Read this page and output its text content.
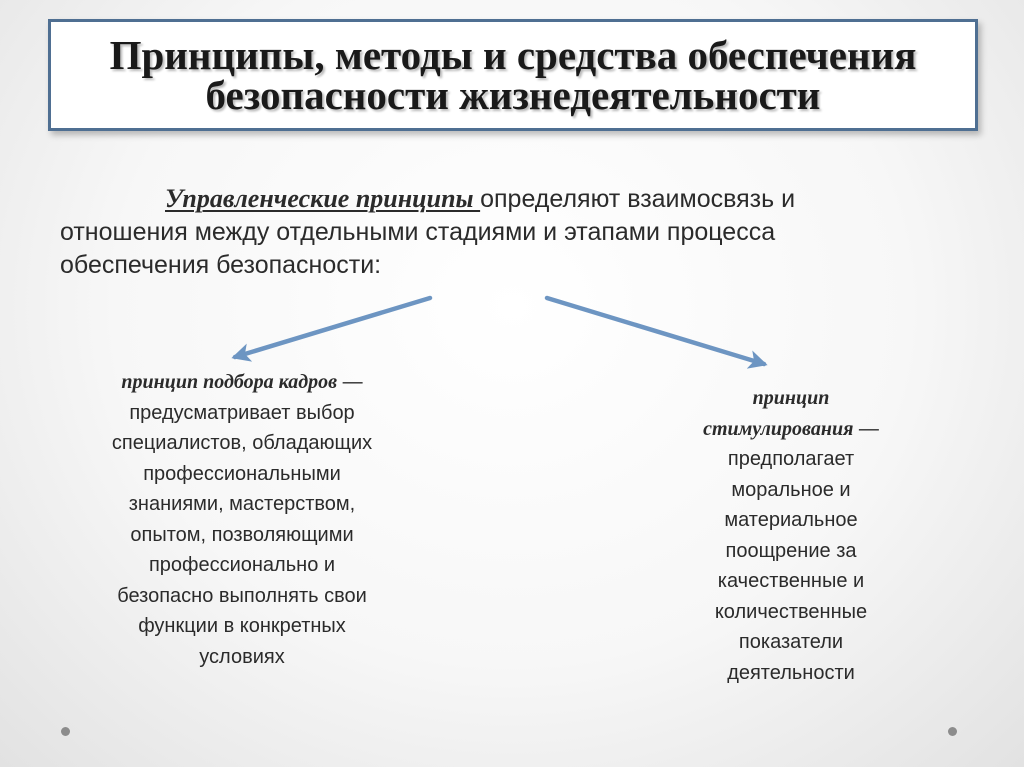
Принципы, методы и средства обеспечения
безопасности жизнедеятельности
Управленческие принципы определяют взаимосвязь и отношения между отдельными стадиями и этапами процесса обеспечения безопасности:
принцип подбора кадров —
предусматривает выбор
специалистов, обладающих
профессиональными
знаниями, мастерством,
опытом, позволяющими
профессионально и
безопасно выполнять свои
функции в конкретных
условиях
принцип
стимулирования —
предполагает
моральное и
материальное
поощрение за
качественные и
количественные
показатели
деятельности
